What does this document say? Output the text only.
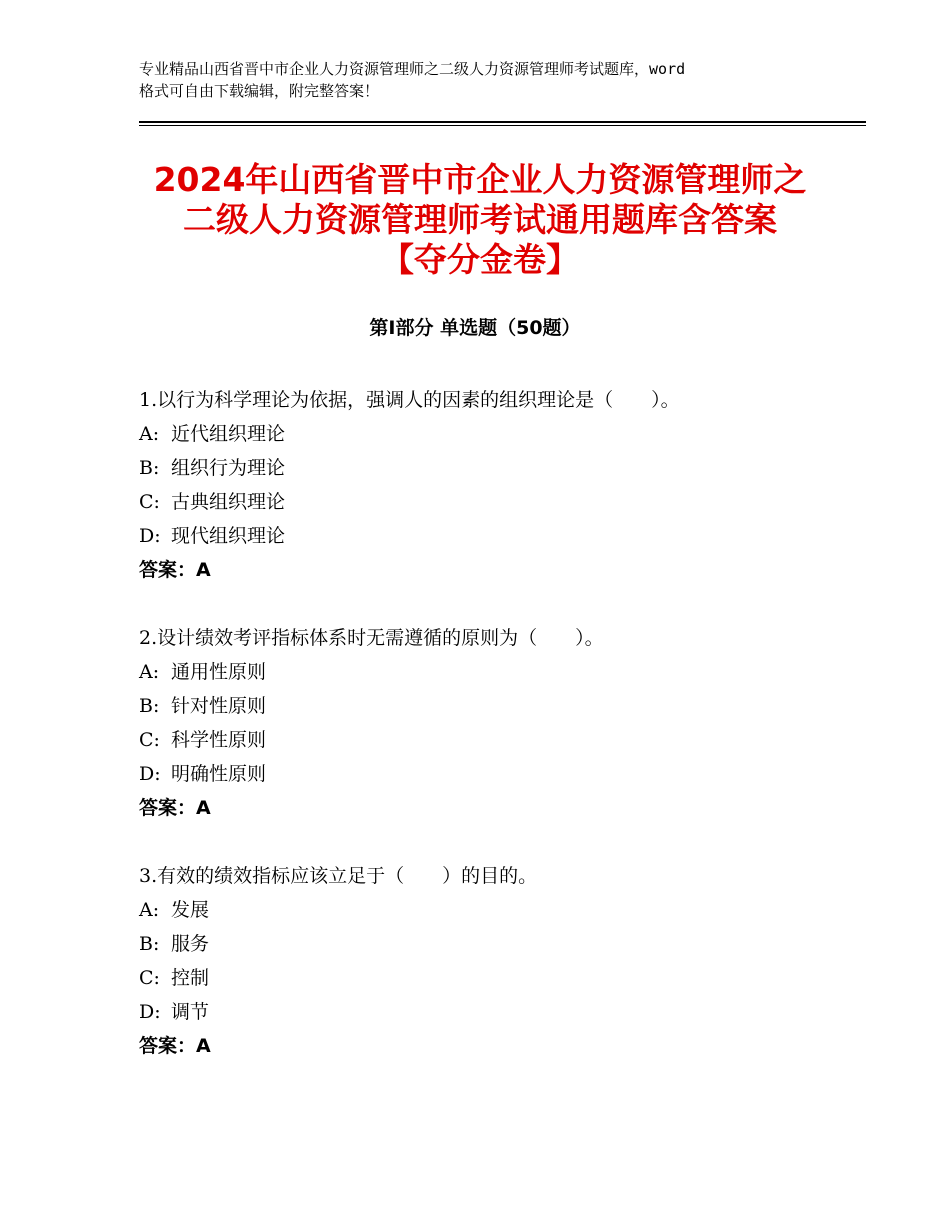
专业精品山西省晋中市企业人力资源管理师之二级人力资源管理师考试题库，word
格式可自由下载编辑，附完整答案！
2024年山西省晋中市企业人力资源管理师之
二级人力资源管理师考试通用题库含答案
【夺分金卷】
第Ⅰ部分 单选题（50题）
1.以行为科学理论为依据，强调人的因素的组织理论是（　　）。
A: 近代组织理论
B: 组织行为理论
C: 古典组织理论
D: 现代组织理论
答案：A
2.设计绩效考评指标体系时无需遵循的原则为（　　）。
A: 通用性原则
B: 针对性原则
C: 科学性原则
D: 明确性原则
答案：A
3.有效的绩效指标应该立足于（　　）的目的。
A: 发展
B: 服务
C: 控制
D: 调节
答案：A
